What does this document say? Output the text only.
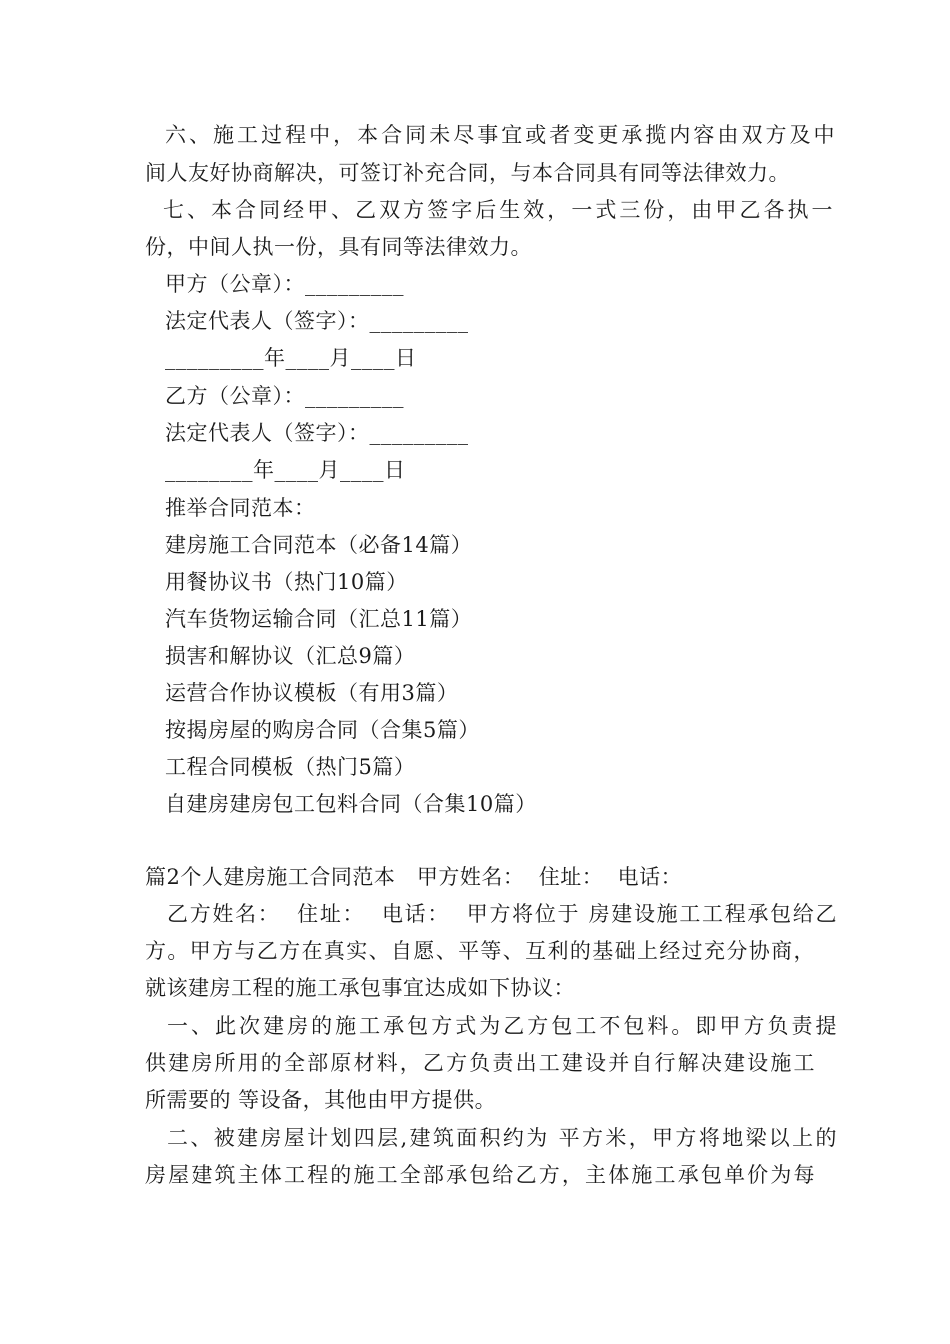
六、施工过程中，本合同未尽事宜或者变更承揽内容由双方及中
间人友好协商解决，可签订补充合同，与本合同具有同等法律效力。
七、本合同经甲、乙双方签字后生效，一式三份，由甲乙各执一
份，中间人执一份，具有同等法律效力。
甲方（公章）：_________
法定代表人（签字）：_________
_________年____月____日
乙方（公章）：_________
法定代表人（签字）：_________
________年____月____日
推举合同范本：
建房施工合同范本（必备14篇）
用餐协议书（热门10篇）
汽车货物运输合同（汇总11篇）
损害和解协议（汇总9篇）
运营合作协议模板（有用3篇）
按揭房屋的购房合同（合集5篇）
工程合同模板（热门5篇）
自建房建房包工包料合同（合集10篇）
篇2个人建房施工合同范本   甲方姓名：  住址：  电话：
乙方姓名：  住址：  电话：  甲方将位于 房建设施工工程承包给乙
方。甲方与乙方在真实、自愿、平等、互利的基础上经过充分协商，
就该建房工程的施工承包事宜达成如下协议：
一、此次建房的施工承包方式为乙方包工不包料。即甲方负责提
供建房所用的全部原材料，乙方负责出工建设并自行解决建设施工
所需要的 等设备，其他由甲方提供。
二、被建房屋计划四层,建筑面积约为 平方米，甲方将地梁以上的
房屋建筑主体工程的施工全部承包给乙方，主体施工承包单价为每
